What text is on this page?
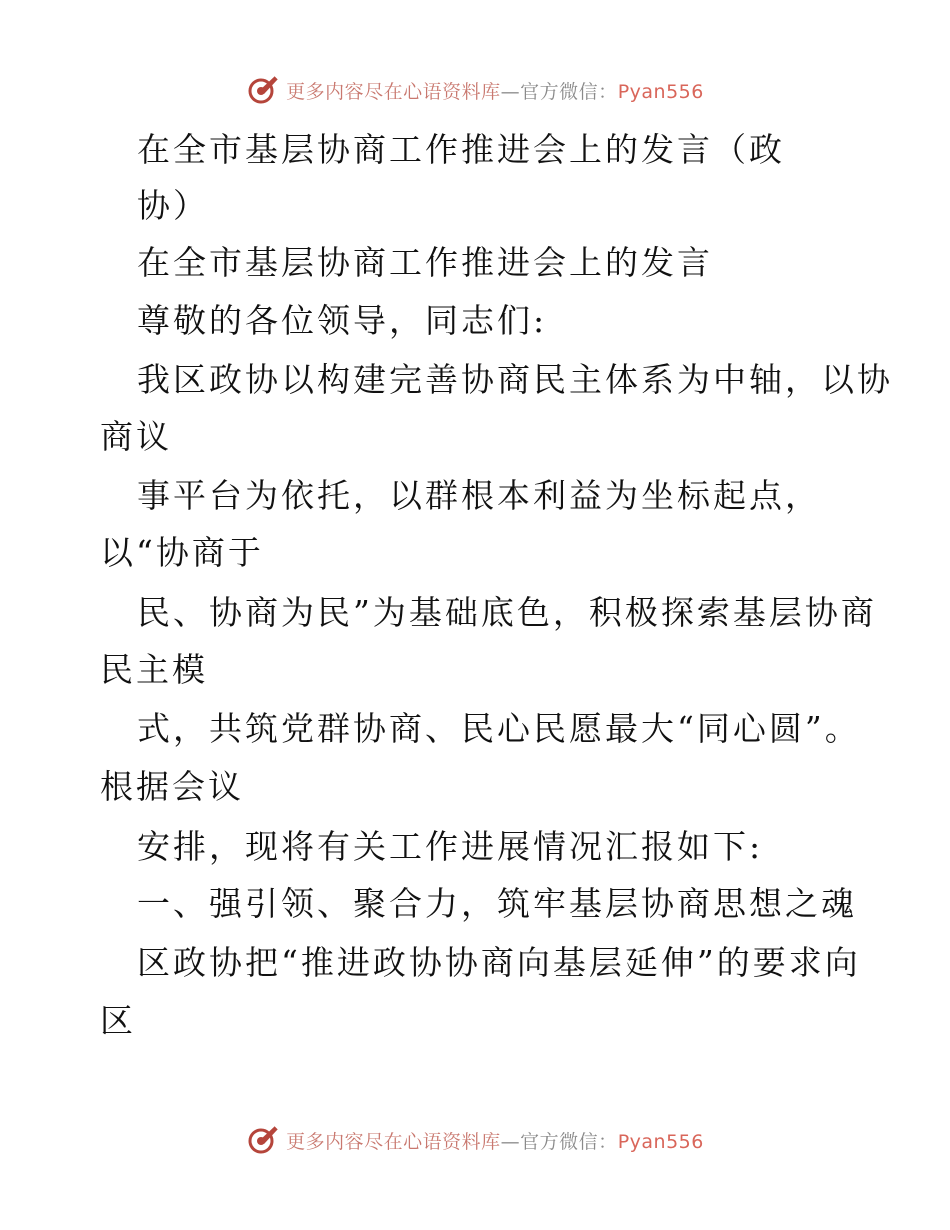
更多内容尽在心语资料库—官方微信：Pyan556
在全市基层协商工作推进会上的发言（政
协）
在全市基层协商工作推进会上的发言
尊敬的各位领导，同志们:
我区政协以构建完善协商民主体系为中轴，以协
商议
事平台为依托，以群根本利益为坐标起点，
以“协商于
民、协商为民”为基础底色，积极探索基层协商
民主模
式，共筑党群协商、民心民愿最大“同心圆”。
根据会议
安排，现将有关工作进展情况汇报如下:
一、强引领、聚合力，筑牢基层协商思想之魂
区政协把“推进政协协商向基层延伸”的要求向
区
更多内容尽在心语资料库—官方微信：Pyan556
